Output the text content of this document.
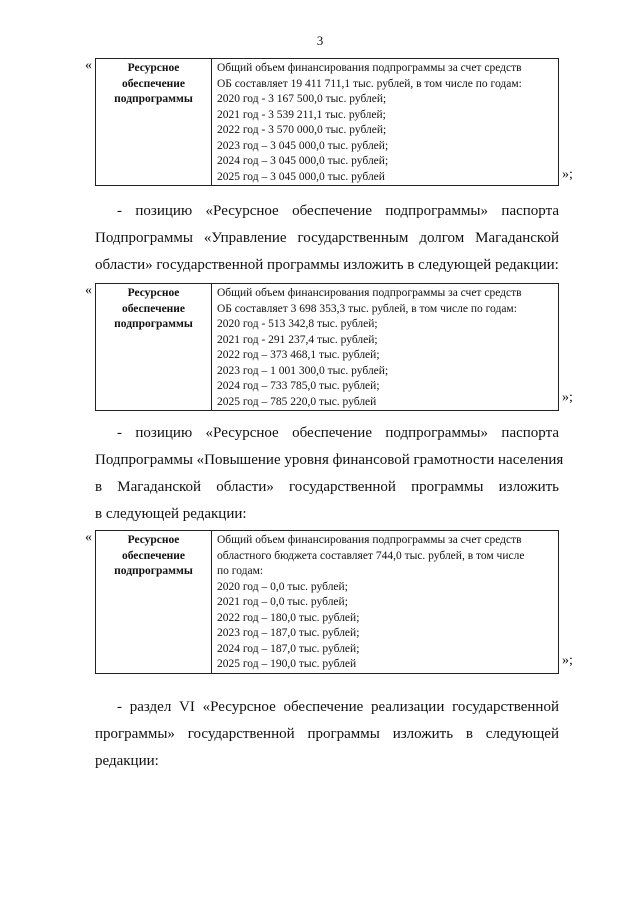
3
«	Ресурсное
обеспечение
подпрограммы

Общий объем финансирования подпрограммы за счет средств
ОБ составляет 19 411 711,1 тыс. рублей, в том числе по годам:
2020 год - 3 167 500,0 тыс. рублей;
2021 год - 3 539 211,1 тыс. рублей;
2022 год - 3 570 000,0 тыс. рублей;
2023 год – 3 045 000,0 тыс. рублей;
2024 год – 3 045 000,0 тыс. рублей;
2025 год – 3 045 000,0 тыс. рублей	»;
- позицию «Ресурсное обеспечение подпрограммы» паспорта
Подпрограммы «Управление государственным долгом Магаданской
области» государственной программы изложить в следующей редакции:
«	Ресурсное
обеспечение
подпрограммы

Общий объем финансирования подпрограммы за счет средств
ОБ составляет 3 698 353,3 тыс. рублей, в том числе по годам:
2020 год - 513 342,8 тыс. рублей;
2021 год - 291 237,4 тыс. рублей;
2022 год – 373 468,1 тыс. рублей;
2023 год – 1 001 300,0 тыс. рублей;
2024 год – 733 785,0 тыс. рублей;
2025 год – 785 220,0 тыс. рублей	»;
- позицию «Ресурсное обеспечение подпрограммы» паспорта
Подпрограммы «Повышение уровня финансовой грамотности населения
в Магаданской области» государственной программы изложить
в следующей редакции:
«	Ресурсное
обеспечение
подпрограммы

Общий объем финансирования подпрограммы за счет средств
областного бюджета составляет 744,0 тыс. рублей, в том числе
по годам:
2020 год – 0,0 тыс. рублей;
2021 год – 0,0 тыс. рублей;
2022 год – 180,0 тыс. рублей;
2023 год – 187,0 тыс. рублей;
2024 год – 187,0 тыс. рублей;
2025 год – 190,0 тыс. рублей	»;
- раздел VI «Ресурсное обеспечение реализации государственной
программы» государственной программы изложить в следующей
редакции:
